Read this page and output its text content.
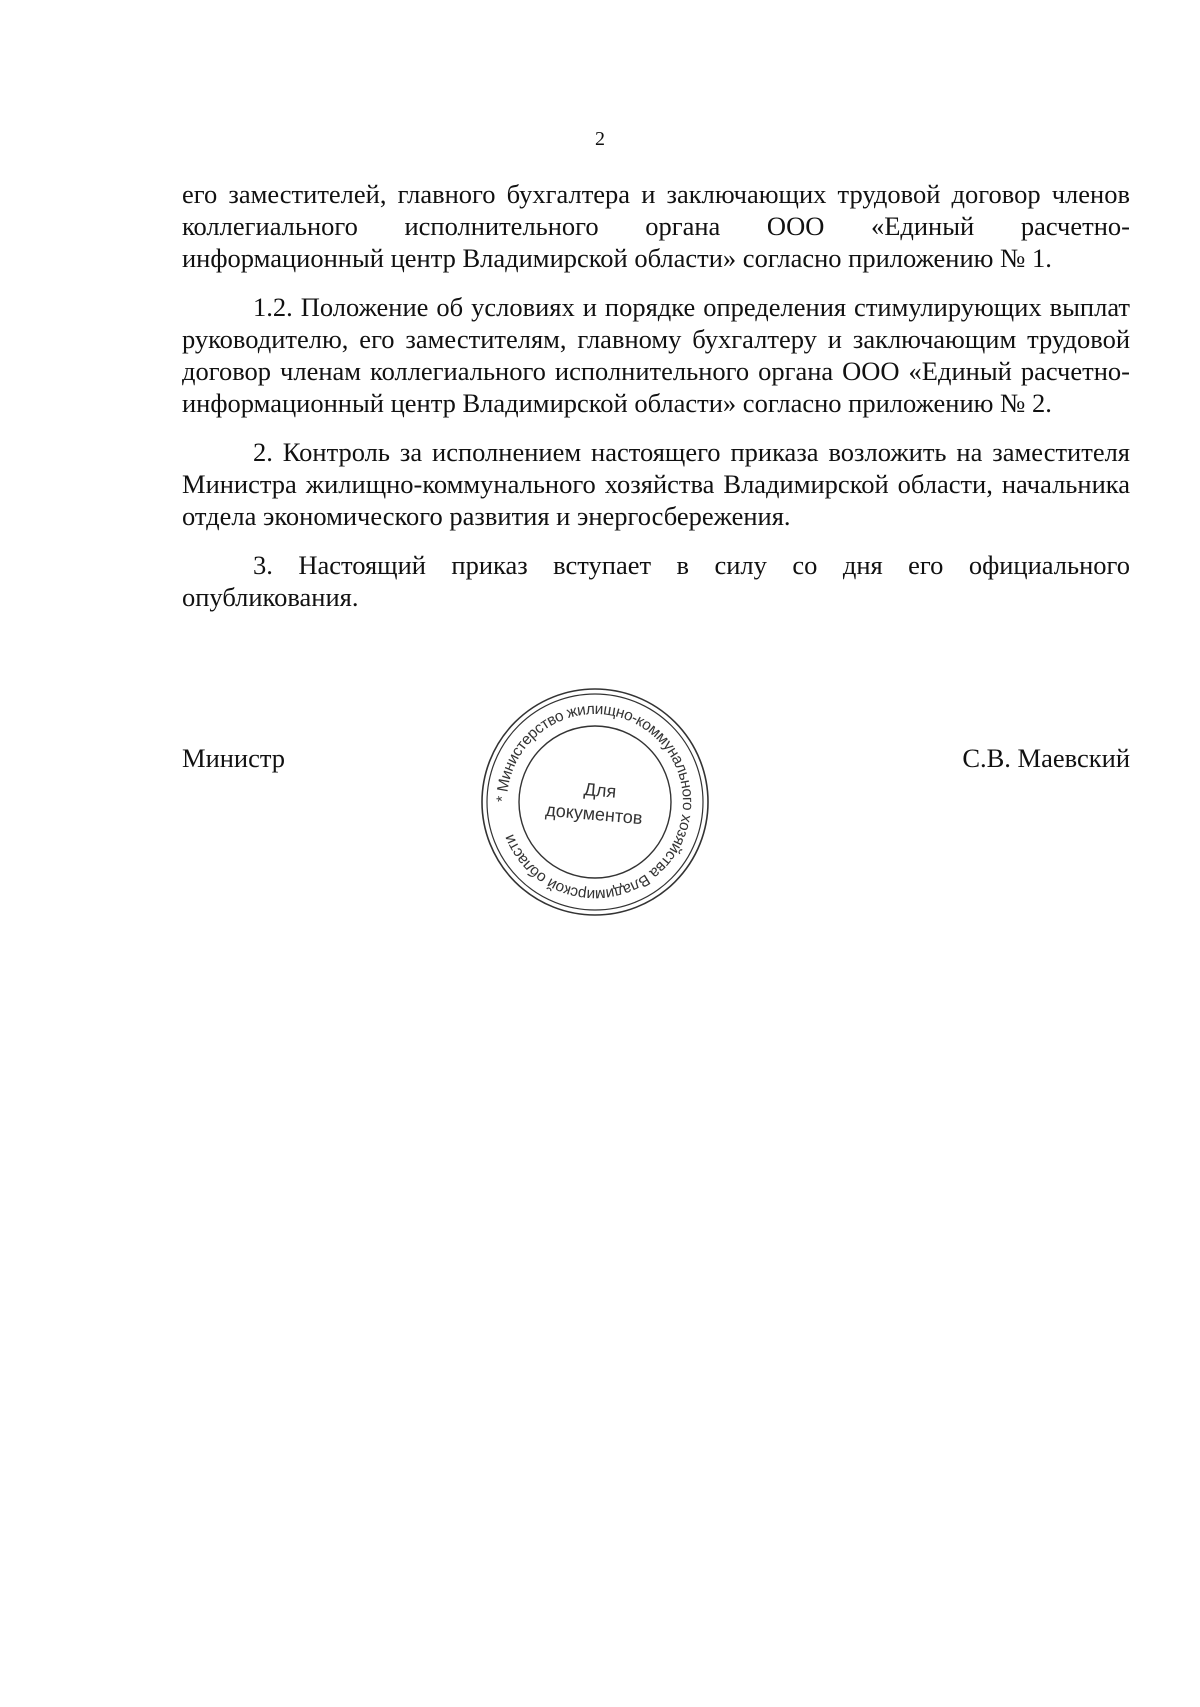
2

его заместителей, главного бухгалтера и заключающих трудовой договор членов коллегиального исполнительного органа ООО «Единый расчетно-информационный центр Владимирской области» согласно приложению № 1.

1.2. Положение об условиях и порядке определения стимулирующих выплат руководителю, его заместителям, главному бухгалтеру и заключающим трудовой договор членам коллегиального исполнительного органа ООО «Единый расчетно-информационный центр Владимирской области» согласно приложению № 2.

2. Контроль за исполнением настоящего приказа возложить на заместителя Министра жилищно-коммунального хозяйства Владимирской области, начальника отдела экономического развития и энергосбережения.

3. Настоящий приказ вступает в силу со дня его официального опубликования.

Министр	С.В. Маевский
* Министерство жилищно-коммунального хозяйства Владимирской области
Для
документов
